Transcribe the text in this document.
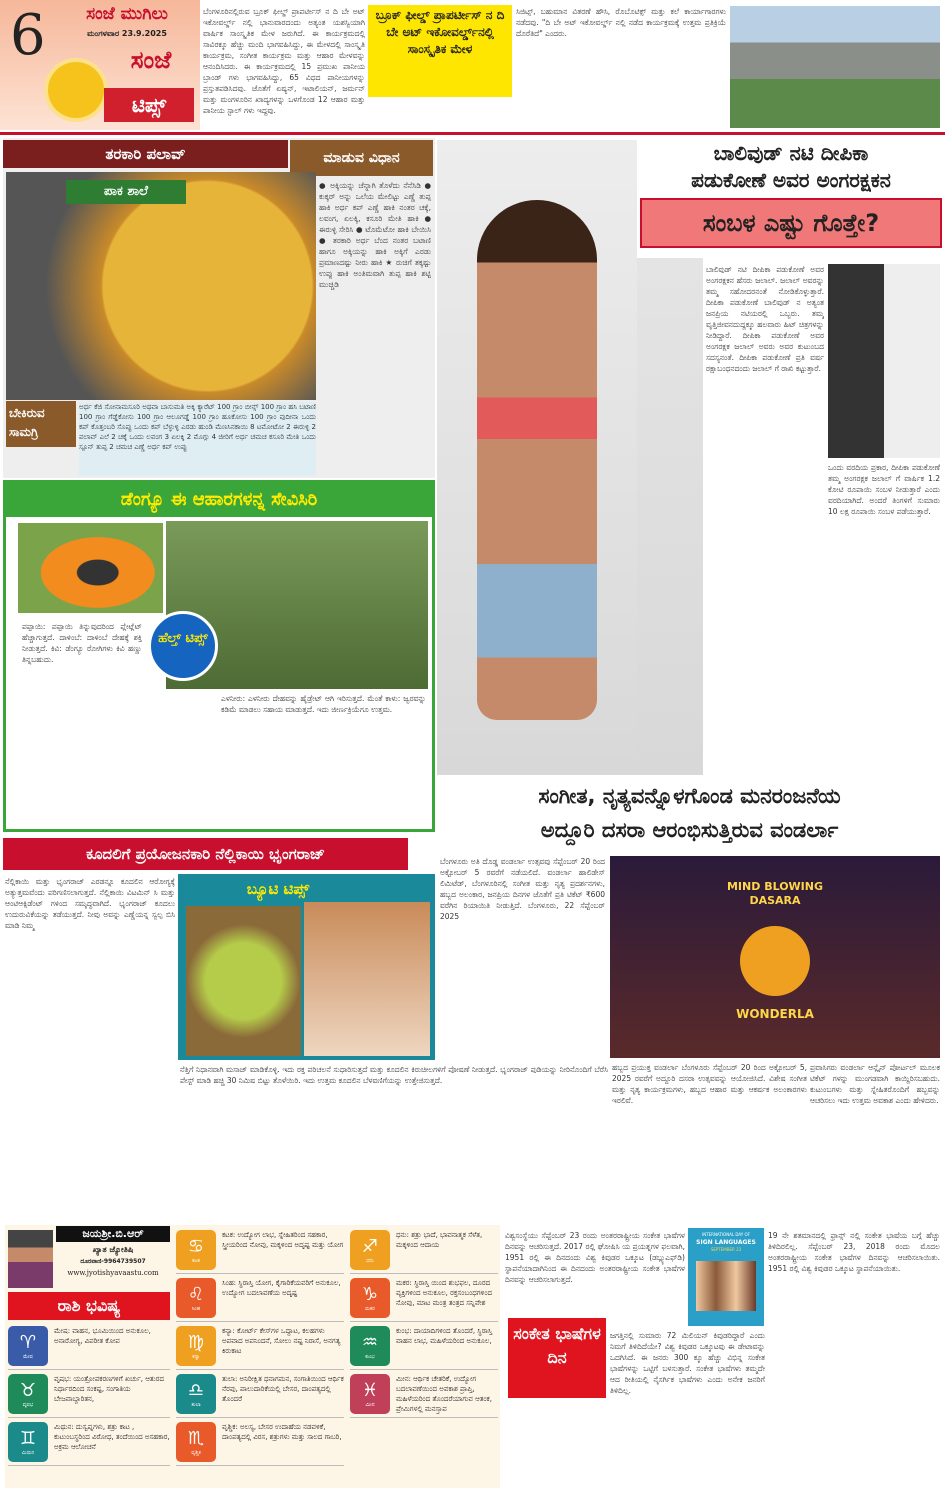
6 ಸಂಜೆ ಮುಗಿಲು
ಮಂಗಳವಾರ 23.9.2025
ಸಂಜೆ
ಟಿಪ್ಸ್
ಬೆಂಗಳೂರಿನಲ್ಲಿರುವ ಬ್ರೂಕ್ ಫೀಲ್ಡ್ ಪ್ರಾಪರ್ಟೀಸ್ ನ ದಿ ಬೇ ಅಟ್ ಇಕೋವರ್ಲ್ಡ್ ನಲ್ಲಿ ಭಾನುವಾರದಂದು ಅತ್ಯಂತ ಯಶಸ್ವಿಯಾಗಿ ವಾರ್ಷಿಕ ಸಾಂಸ್ಕೃತಿಕ ಮೇಳ ಜರುಗಿದೆ. ಈ ಕಾರ್ಯಕ್ರಮದಲ್ಲಿ ಸಾವಿರಕ್ಕೂ ಹೆಚ್ಚು ಮಂದಿ ಭಾಗವಹಿಸಿದ್ದು, ಈ ಮೇಳದಲ್ಲಿ ಸಾಂಸ್ಕೃತಿ ಕಾರ್ಯಕ್ರಮ, ಸಂಗೀತ ಕಾರ್ಯಕ್ರಮ ಮತ್ತು ಆಹಾರ ಮೇಳವನ್ನು ಆನಂದಿಸಿದರು. ಈ ಕಾರ್ಯಕ್ರಮದಲ್ಲಿ 15 ಪ್ರಮುಖ ಪಾನೀಯ ಬ್ರಾಂಡ್ ಗಳು ಭಾಗವಹಿಸಿದ್ದು, 65 ವಿಧದ ಪಾನೀಯಗಳನ್ನು ಪ್ರಸ್ತುತಪಡಿಸಿದವು. ಜೊತೆಗೆ ಏಷ್ಯನ್, ಇಟಾಲಿಯನ್, ಜರ್ಮನ್ ಮತ್ತು ಮಂಗಳೂರಿನ ಖಾದ್ಯಗಳನ್ನು ಒಳಗೊಂಡ 12 ಆಹಾರ ಮತ್ತು ಪಾನೀಯ ಸ್ಟಾಲ್ ಗಳು ಇದ್ದವು.
ಬ್ರೂಕ್ ಫೀಲ್ಡ್ ಪ್ರಾಪರ್ಟೀಸ್ ನ ದಿ ಬೇ ಅಟ್ ಇಕೋವರ್ಲ್ಡ್‌ನಲ್ಲಿ ಸಾಂಸ್ಕೃತಿಕ ಮೇಳ
ಸಿಜಿಟ್ಸ್, ಬಹುಮಾನ ವಿತರಣೆ ಹೌಸಿ, ರೊಬೊಟಿಕ್ಸ್ ಮತ್ತು ಕಲೆ ಕಾರ್ಯಾಗಾರಗಳು ನಡೆದವು. "ದಿ ಬೇ ಅಟ್ ಇಕೋವರ್ಲ್ಡ್ ನಲ್ಲಿ ನಡೆದ ಕಾರ್ಯಕ್ರಮಕ್ಕೆ ಉತ್ತಮ ಪ್ರತಿಕ್ರಿಯೆ ದೊರೆತಿದೆ" ಎಂದರು.
ತರಕಾರಿ ಪಲಾವ್	ಮಾಡುವ ವಿಧಾನ
ಪಾಕ ಶಾಲೆ	● ಅಕ್ಕಿಯನ್ನು ಚೆನ್ನಾಗಿ ತೊಳೆದು ನೆನೆಸಿಡಿ ● ಕುಕ್ಕರ್ ಅನ್ನು ಒಲೆಯ ಮೇಲಿಟ್ಟು ಎಣ್ಣೆ ತುಪ್ಪ ಹಾಕಿ ಅರ್ಧ ಕಪ್ ಎಣ್ಣೆ ಹಾಕಿ ನಂತರ ಚಕ್ಕೆ, ಲವಂಗ, ಏಲಕ್ಕಿ, ಕಸೂರಿ ಮೇತಿ ಹಾಕಿ ● ಈರುಳ್ಳಿ ಸೇರಿಸಿ ● ಟೊಮೆಟೋ ಹಾಕಿ ಬೇಯಿಸಿ ● ತರಕಾರಿ ಅರ್ಧ ಬೆಂದ ನಂತರ ಬಟಾಣಿ ಹಾಗೂ ಅಕ್ಕಿಯನ್ನು ಹಾಕಿ ಅಕ್ಕಿಗೆ ಎರಡು ಪ್ರಮಾಣದಷ್ಟು ನೀರು ಹಾಕಿ ★ ರುಚಿಗೆ ತಕ್ಕಷ್ಟು ಉಪ್ಪು ಹಾಕಿ ಅಂತಿಮವಾಗಿ ತುಪ್ಪ ಹಾಕಿ ಶಟ್ಟಿ ಮುಚ್ಚಿಡಿ
ಬೇಕಿರುವ ಸಾಮಗ್ರಿ
ಅರ್ಧ ಕೆಜಿ ಸೋನಾಮಸೂರಿ ಅಥವಾ ಬಾಸುಮತಿ ಅಕ್ಕಿ ಕ್ಯಾರೆಟ್ 100 ಗ್ರಾಂ ಬೀನ್ಸ್ 100 ಗ್ರಾಂ ಹಸಿ ಬಟಾಣಿ 100 ಗ್ರಾಂ ಗೆಡ್ಡೆಕೋಸು 100 ಗ್ರಾಂ ಆಲೂಗಡ್ಡೆ 100 ಗ್ರಾಂ ಹೂಕೋಸು 100 ಗ್ರಾಂ ಪುದೀನಾ ಒಂದು ಕಪ್ ಕೊತ್ತಂಬರಿ ಸೊಪ್ಪು ಒಂದು ಕಪ್ ಬೆಳ್ಳುಳ್ಳಿ ಎರಡು ಹುಂಡಿ ಮೆಣಸಿನಕಾಯಿ 8 ಟಮೋಟೋ 2 ಈರುಳ್ಳಿ 2 ಪಲಾವ್ ಎಲೆ 2 ಚಕ್ಕೆ ಒಂದು ಲವಂಗ 3 ಏಲಕ್ಕಿ 2 ಮೊಗ್ಗು 4 ಜೀರಿಗೆ ಅರ್ಧ ಚಮಚ ಕಸೂರಿ ಮೇತಿ ಒಂದು ಸ್ಪೂನ್ ತುಪ್ಪ 2 ಚಮಚ ಎಣ್ಣೆ ಅರ್ಧ ಕಪ್ ಉಪ್ಪು
ಡೆಂಗ್ಯೂ ಈ ಆಹಾರಗಳನ್ನ ಸೇವಿಸಿರಿ
ಹೆಲ್ತ್ ಟಿಪ್ಸ್
ಪಪ್ಪಾಯಿ: ಪಪ್ಪಾಯಿ ತಿನ್ನುವುದರಿಂದ ಪ್ಲೇಟ್ಲೆಟ್ ಹೆಚ್ಚಾಗುತ್ತದೆ. ದಾಳಿಂಬೆ: ದಾಳಿಂಬೆ ದೇಹಕ್ಕೆ ಶಕ್ತಿ ನೀಡುತ್ತದೆ. ಕಿವಿ: ಡೆಂಗ್ಯೂ ರೋಗಿಗಳು ಕಿವಿ ಹಣ್ಣು ತಿನ್ನಬಹುದು.
ಎಳನೀರು: ಎಳನೀರು ದೇಹವನ್ನು ಹೈಡ್ರೇಟ್ ಆಗಿ ಇರಿಸುತ್ತದೆ. ಮೆಂತೆ ಕಾಳು: ಜ್ವರವನ್ನು ಕಡಿಮೆ ಮಾಡಲು ಸಹಾಯ ಮಾಡುತ್ತದೆ. ಇದು ಜೀರ್ಣಕ್ರಿಯೆಗೂ ಉತ್ತಮ.
ಕೂದಲಿಗೆ ಪ್ರಯೋಜನಕಾರಿ ನೆಲ್ಲಿಕಾಯಿ ಭೃಂಗರಾಜ್
ನೆಲ್ಲಿಕಾಯಿ ಮತ್ತು ಭೃಂಗರಾಜ್ ಎರಡನ್ನೂ ಕೂದಲಿನ ಆರೋಗ್ಯಕ್ಕೆ ಅತ್ಯುತ್ತಮವೆಂದು ಪರಿಗಣಿಸಲಾಗುತ್ತದೆ. ನೆಲ್ಲಿಕಾಯಿ ವಿಟಮಿನ್ ಸಿ ಮತ್ತು ಆಂಟಿಆಕ್ಸಿಡೆಂಟ್ ಗಳಿಂದ ಸಮೃದ್ಧವಾಗಿದೆ. ಭೃಂಗರಾಜ್ ಕೂದಲು ಉದುರುವಿಕೆಯನ್ನು ತಡೆಯುತ್ತದೆ. ನೀವು ಅವನ್ನು ಎಣ್ಣೆಯನ್ನ ಸ್ವಲ್ಪ ಬಿಸಿ ಮಾಡಿ ನಿಮ್ಮ
ಬ್ಯೂಟಿ ಟಿಪ್ಸ್
ನೆತ್ತಿಗೆ ನಿಧಾನವಾಗಿ ಮಸಾಜ್ ಮಾಡಿಕೊಳ್ಳಿ. ಇದು ರಕ್ತ ಪರಿಚಲನೆ ಸುಧಾರಿಸುತ್ತದೆ ಮತ್ತು ಕೂದಲಿನ ಕಿರುಚೀಲಗಳಿಗೆ ಪೋಷಣೆ ನೀಡುತ್ತದೆ. ಭೃಂಗರಾಜ್ ಪುಡಿಯನ್ನು ನೀರಿನೊಂದಿಗೆ ಬೆರೆಸಿ ಪೇಸ್ಟ್ ಮಾಡಿ ಹಚ್ಚಿ 30 ನಿಮಿಷ ಬಿಟ್ಟು ತೊಳೆಯಿರಿ. ಇದು ಉತ್ತಮ ಕೂದಲಿನ ಬೆಳವಣಿಗೆಯನ್ನು ಉತ್ತೇಜಿಸುತ್ತದೆ.
ಬಾಲಿವುಡ್ ನಟಿ ದೀಪಿಕಾ
ಪಡುಕೋಣೆ ಅವರ ಅಂಗರಕ್ಷಕನ
ಸಂಬಳ ಎಷ್ಟು ಗೊತ್ತೇ?
ಬಾಲಿವುಡ್ ನಟಿ ದೀಪಿಕಾ ಪಡುಕೋಣೆ ಅವರ ಅಂಗರಕ್ಷಕನ ಹೆಸರು ಜಲಾಲ್. ಜಲಾಲ್ ಅವರನ್ನು ತಮ್ಮ ಸಹೋದರನಂತೆ ನೋಡಿಕೊಳ್ಳುತ್ತಾರೆ. ದೀಪಿಕಾ ಪಡುಕೋಣೆ ಬಾಲಿವುಡ್ ನ ಅತ್ಯಂತ ಜನಪ್ರಿಯ ನಟಿಯರಲ್ಲಿ ಒಬ್ಬರು. ತಮ್ಮ ವೃತ್ತಿಜೀವನದುದ್ದಕ್ಕೂ ಹಲವಾರು ಹಿಟ್ ಚಿತ್ರಗಳನ್ನು ನೀಡಿದ್ದಾರೆ. ದೀಪಿಕಾ ಪಡುಕೋಣೆ ಅವರ ಅಂಗರಕ್ಷಕ ಜಲಾಲ್ ಅವರು ಅವರ ಕುಟುಂಬದ ಸದಸ್ಯನಂತೆ. ದೀಪಿಕಾ ಪಡುಕೋಣೆ ಪ್ರತಿ ವರ್ಷ ರಕ್ಷಾಬಂಧನದಂದು ಜಲಾಲ್ ಗೆ ರಾಖಿ ಕಟ್ಟುತ್ತಾರೆ.
ಒಂದು ವರದಿಯ ಪ್ರಕಾರ, ದೀಪಿಕಾ ಪಡುಕೋಣೆ ತಮ್ಮ ಅಂಗರಕ್ಷಕ ಜಲಾಲ್ ಗೆ ವಾರ್ಷಿಕ 1.2 ಕೋಟಿ ರೂಪಾಯಿ ಸಂಬಳ ನೀಡುತ್ತಾರೆ ಎಂದು ವರದಿಯಾಗಿದೆ. ಅಂದರೆ ತಿಂಗಳಿಗೆ ಸುಮಾರು 10 ಲಕ್ಷ ರೂಪಾಯಿ ಸಂಬಳ ಪಡೆಯುತ್ತಾರೆ.
ಸಂಗೀತ, ನೃತ್ಯವನ್ನೊಳಗೊಂಡ ಮನರಂಜನೆಯ
ಅದ್ದೂರಿ ದಸರಾ ಆರಂಭಿಸುತ್ತಿರುವ ವಂಡರ್ಲಾ
ಬೆಂಗಳೂರು ಅತಿ ದೊಡ್ಡ ವಂಡರ್ಲಾ ಉತ್ಸವವು ಸೆಪ್ಟೆಂಬರ್ 20 ರಿಂದ ಅಕ್ಟೋಬರ್ 5 ರವರೆಗೆ ನಡೆಯಲಿದೆ. ವಂಡರ್ಲಾ ಹಾಲಿಡೇಸ್ ಲಿಮಿಟೆಡ್, ಬೆಂಗಳೂರಿನಲ್ಲಿ ಸಂಗೀತ ಮತ್ತು ನೃತ್ಯ ಪ್ರದರ್ಶನಗಳು, ಹಬ್ಬದ ಅಲಂಕಾರ, ಜನಪ್ರಿಯ ದಿನಗಳ ಜೊತೆಗೆ ಪ್ರತಿ ಟಿಕೆಟ್ ₹600 ವರೆಗಿನ ರಿಯಾಯಿತಿ ನೀಡುತ್ತಿದೆ. ಬೆಂಗಳೂರು, 22 ಸೆಪ್ಟೆಂಬರ್ 2025
MIND BLOWING DASARA
WONDERLA
ಹಬ್ಬದ ಪ್ರಯುಕ್ತ ವಂಡರ್ಲಾ ಬೆಂಗಳೂರು ಸೆಪ್ಟೆಂಬರ್ 20 ರಿಂದ ಅಕ್ಟೋಬರ್ 5, 2025 ರವರೆಗೆ ಅದ್ದೂರಿ ದಸರಾ ಉತ್ಸವವನ್ನು ಆಯೋಜಿಸಿದೆ. ವಿಶೇಷ ಸಂಗೀತ ಮತ್ತು ನೃತ್ಯ ಕಾರ್ಯಕ್ರಮಗಳು, ಹಬ್ಬದ ಆಹಾರ ಮತ್ತು ಆಕರ್ಷಕ ಅಲಂಕಾರಗಳು ಇರಲಿವೆ.
ಪ್ರವಾಸಿಗರು ವಂಡರ್ಲಾ ಆನ್ಲೈನ್ ಪೋರ್ಟಲ್ ಮೂಲಕ ಟಿಕೆಟ್ ಗಳನ್ನು ಮುಂಗಡವಾಗಿ ಕಾಯ್ದಿರಿಸಬಹುದು. ಕುಟುಂಬಗಳು ಮತ್ತು ಸ್ನೇಹಿತರೊಂದಿಗೆ ಹಬ್ಬವನ್ನು ಆಚರಿಸಲು ಇದು ಉತ್ತಮ ಅವಕಾಶ ಎಂದು ಹೇಳಿದರು.
ಜಯಶ್ರೀ.ಬಿ.ಆರ್
ಖ್ಯಾತ ಜ್ಯೋತಿಷಿ
ದೂರವಾಣಿ-9964739507
www.jyotishyavaastu.com
ರಾಶಿ ಭವಿಷ್ಯ
♈
ಮೇಷ
ಮೇಷ: ವಾಹನ, ಭೂಮಿಯಿಂದ ಅನುಕೂಲ, ಅನಾರೋಗ್ಯ, ವಿಪರೀತ ಕೋಪ
♉
ವೃಷಭ
ವೃಷಭ: ಯಂತ್ರೋಪಕರಣಗಳಿಗೆ ಖರ್ಚು, ಆತುರದ ನಿರ್ಧಾರದಿಂದ ಸಂಕಷ್ಟ, ಸಂಗಾತಿಯ ಬೇಜವಾಬ್ದಾರಿತನ,
♊
ಮಿಥುನ
ಮಿಥುನ: ದುಸ್ವಪ್ನಗಳು, ಶತ್ರು ಕಾಟ , ಕುಟುಂಬಸ್ಥರಿಂದ ವಿರೋಧ, ತಂದೆಯಿಂದ ಅಸಹಕಾರ, ಅಕ್ರಮ ಆಲೋಚನೆ
♋
ಕಟಕ
ಕಟಕ: ಉದ್ಯೋಗ ಲಾಭ, ಸ್ನೇಹಿತರಿಂದ ಸಹಕಾರ, ಸ್ತ್ರೀಯರಿಂದ ನೋವು, ಮಕ್ಕಳಿಂದ ಅದೃಷ್ಟ ಮತ್ತು ಯೋಗ
♌
ಸಿಂಹ
ಸಿಂಹ: ಸ್ಥಿರಾಸ್ತಿ ಯೋಗ, ಕೈಗಾರಿಕೆಯವರಿಗೆ ಅನುಕೂಲ, ಉದ್ಯೋಗ ಬದಲಾವಣೆಯ ಅದೃಷ್ಟ
♍
ಕನ್ಯಾ
ಕನ್ಯಾ: ಕೋರ್ಟ್ ಕೇಸ್‌ಗಳ ಒದ್ದಾಟ, ಕಲಹಗಳು ಅಪವಾದ ಅಪನಿಂದನೆ, ಸೋಲು ನಷ್ಟ ನಿರಾಸೆ, ಅನಗತ್ಯ ಕಿರುಕಾಟ
♎
ತುಲಾ
ತುಲಾ: ಅನಿರೀಕ್ಷಿತ ಧನಾಗಮನ, ಸಂಗಾತಿಯಿಂದ ಆರ್ಥಿಕ ನೆರವು, ಪಾಲುದಾರಿಕೆಯಲ್ಲಿ ಬೇಸರ, ದಾಂಪತ್ಯದಲ್ಲಿ ತೊಂದರೆ
♏
ವೃಶ್ಚಿಕ
ವೃಶ್ಚಿಕ: ಅಲಸ್ಯ, ಬೇಸರ ಉದಾಹೆಯ ನಡವಳಿಕೆ, ದಾಂಪತ್ಯದಲ್ಲಿ ವಿರಸ, ಶತ್ರುಗಳು ಮತ್ತು ಸಾಲದ ಗಾಬರಿ,
♐
ಧನು
ಧನು: ಶತ್ರು ಭಾದೆ, ಭಾವನಾತ್ಮಕ ಸೆಳೆತ, ಮಕ್ಕಳಿಂದ ಆದಾಯ
♑
ಮಕರ
ಮಕರ: ಸ್ಥಿರಾಸ್ತಿ ಯಿಂದ ಶುಭಫಲ, ದೂರದ ವ್ಯಕ್ತಿಗಳಿಂದ ಅನುಕೂಲ, ರಕ್ತಸಂಬಂಧಗಳಿಂದ ನೋವು, ಮಾಟ ಮಂತ್ರ ತಂತ್ರದ ಸನ್ನಿವೇಶ
♒
ಕುಂಭ
ಕುಂಭ: ದಾಯಾದಿಗಳಿಂದ ತೊಂದರೆ, ಸ್ಥಿರಾಸ್ತಿ ವಾಹನ ಲಾಭ, ಮಹಿಳೆಯರಿಂದ ಅನುಕೂಲ,
♓
ಮೀನ
ಮೀನ: ಆರ್ಥಿಕ ಚೇತರಿಕೆ, ಉದ್ಯೋಗ ಬದಲಾವಣೆಯಿಂದ ಅವಕಾಶ ಪ್ರಾಪ್ತಿ, ಮಹಿಳೆಯರಿಂದ ತೊಂದರೆಯಾಗುವ ಆತಂಕ, ಪ್ರೇಮಿಗಳಲ್ಲಿ ಮನಸ್ತಾಪ
ವಿಶ್ವಸಂಸ್ಥೆಯು ಸೆಪ್ಟೆಂಬರ್ 23 ರಂದು ಅಂತರರಾಷ್ಟ್ರೀಯ ಸಂಕೇತ ಭಾಷೆಗಳ ದಿನವನ್ನು ಆಚರಿಸುತ್ತದೆ. 2017 ರಲ್ಲಿ ಘೋಷಿಸಿ ಯ ಪ್ರಯತ್ನಗಳ ಫಲವಾಗಿ, 1951 ರಲ್ಲಿ ಈ ದಿನದಂದು ವಿಶ್ವ ಕಿವುಡರ ಒಕ್ಕೂಟ (ಡಬ್ಲ್ಯುಎಫ್‌ಡಿ) ಸ್ಥಾಪನೆಯಾದಾಗಿನಿಂದ ಈ ದಿನದಂದು ಅಂತರರಾಷ್ಟ್ರೀಯ ಸಂಕೇತ ಭಾಷೆಗಳ ದಿನವನ್ನು ಆಚರಿಸಲಾಗುತ್ತದೆ.
INTERNATIONAL DAY OF
SIGN LANGUAGES
SEPTEMBER 23
ಸಂಕೇತ ಭಾಷೆಗಳ ದಿನ
ಜಗತ್ತಿನಲ್ಲಿ ಸುಮಾರು 72 ಮಿಲಿಯನ್ ಕಿವುಡರಿದ್ದಾರೆ ಎಂದು ನಿಮಗೆ ತಿಳಿದಿದೆಯೇ? ವಿಶ್ವ ಕಿವುಡರ ಒಕ್ಕೂಟವು ಈ ಡೇಟಾವನ್ನು ಒದಗಿಸಿದೆ. ಈ ಜನರು 300 ಕ್ಕೂ ಹೆಚ್ಚು ವಿಭಿನ್ನ ಸಂಕೇತ ಭಾಷೆಗಳನ್ನು ಒಟ್ಟಿಗೆ ಬಳಸುತ್ತಾರೆ. ಸಂಕೇತ ಭಾಷೆಗಳು ತಮ್ಮದೇ ಆದ ರೀತಿಯಲ್ಲಿ ನೈಸರ್ಗಿಕ ಭಾಷೆಗಳು ಎಂದು ಅನೇಕ ಜನರಿಗೆ ತಿಳಿದಿಲ್ಲ.
19 ನೇ ಶತಮಾನದಲ್ಲಿ ಫ್ರಾನ್ಸ್ ನಲ್ಲಿ ಸಂಕೇತ ಭಾಷೆಯ ಬಗ್ಗೆ ಹೆಚ್ಚು ತಿಳಿದಿರಲಿಲ್ಲ. ಸೆಪ್ಟೆಂಬರ್ 23, 2018 ರಂದು ಮೊದಲ ಅಂತರರಾಷ್ಟ್ರೀಯ ಸಂಕೇತ ಭಾಷೆಗಳ ದಿನವನ್ನು ಆಚರಿಸಲಾಯಿತು. 1951 ರಲ್ಲಿ ವಿಶ್ವ ಕಿವುಡರ ಒಕ್ಕೂಟ ಸ್ಥಾಪನೆಯಾಯಿತು.
